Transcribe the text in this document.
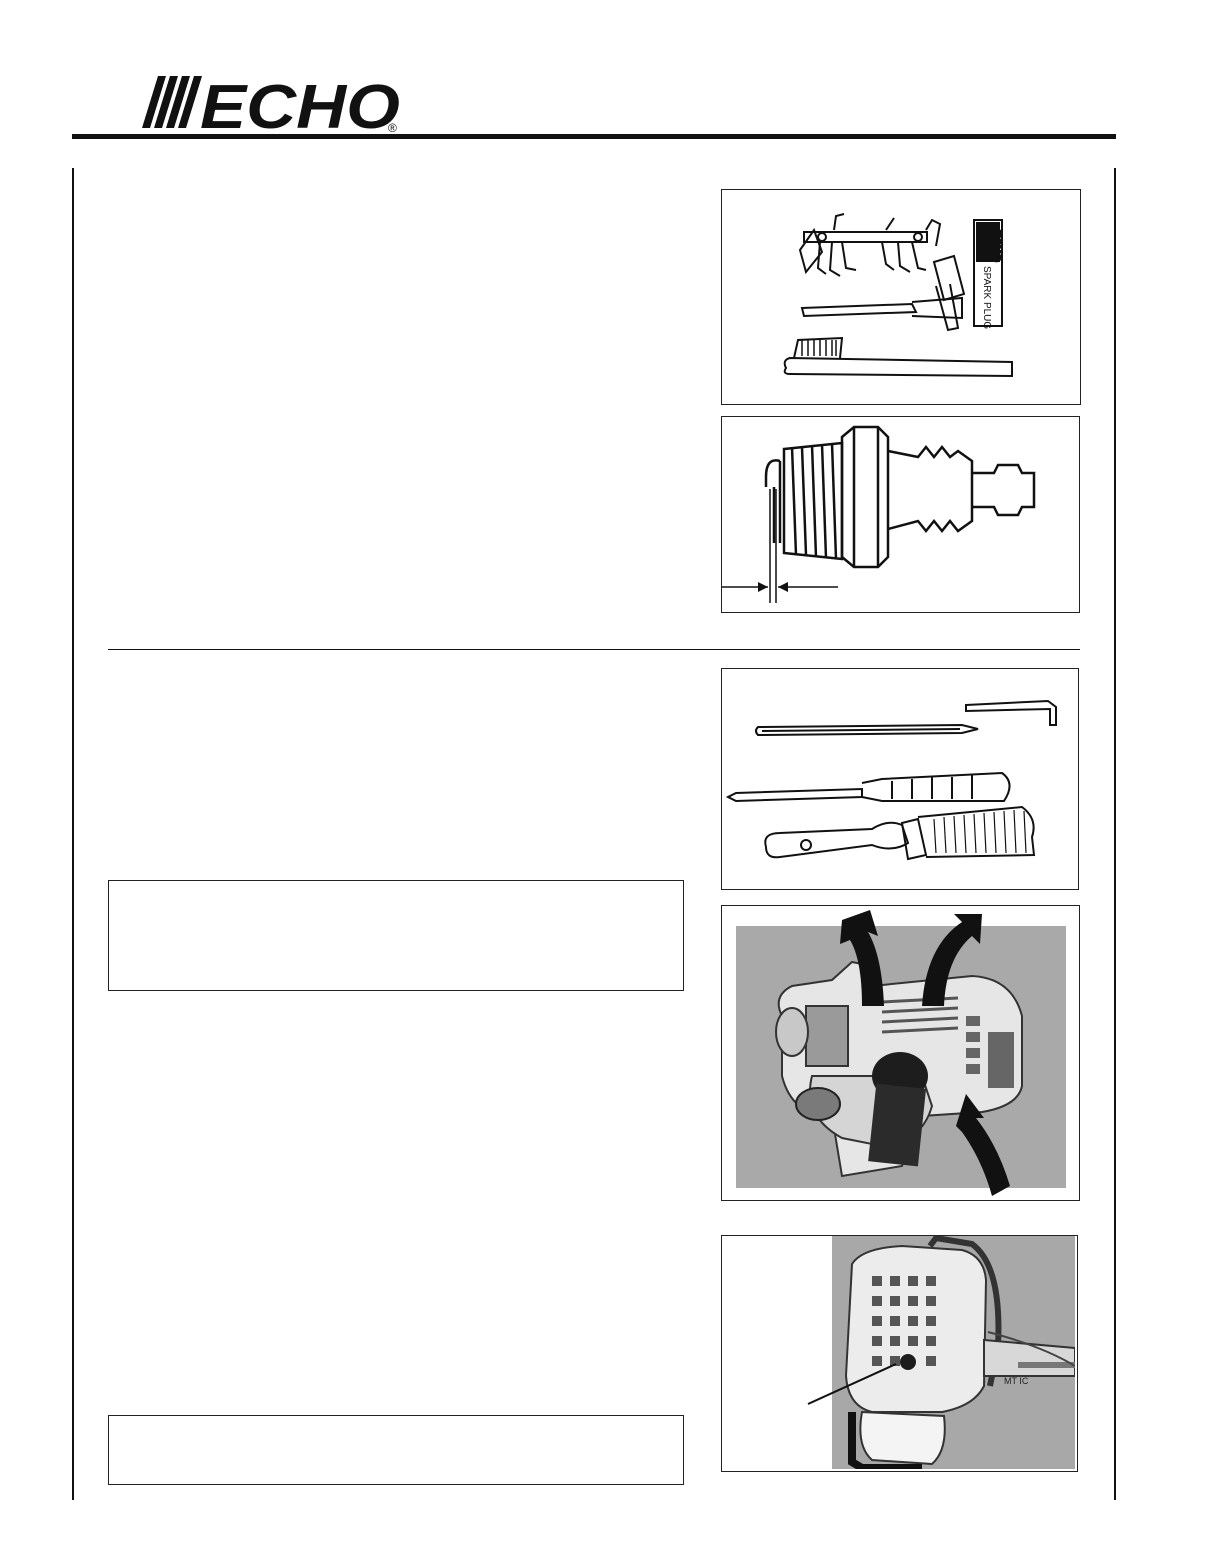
ECHO
®
ECHO
SPARK PLUG
MT IC
